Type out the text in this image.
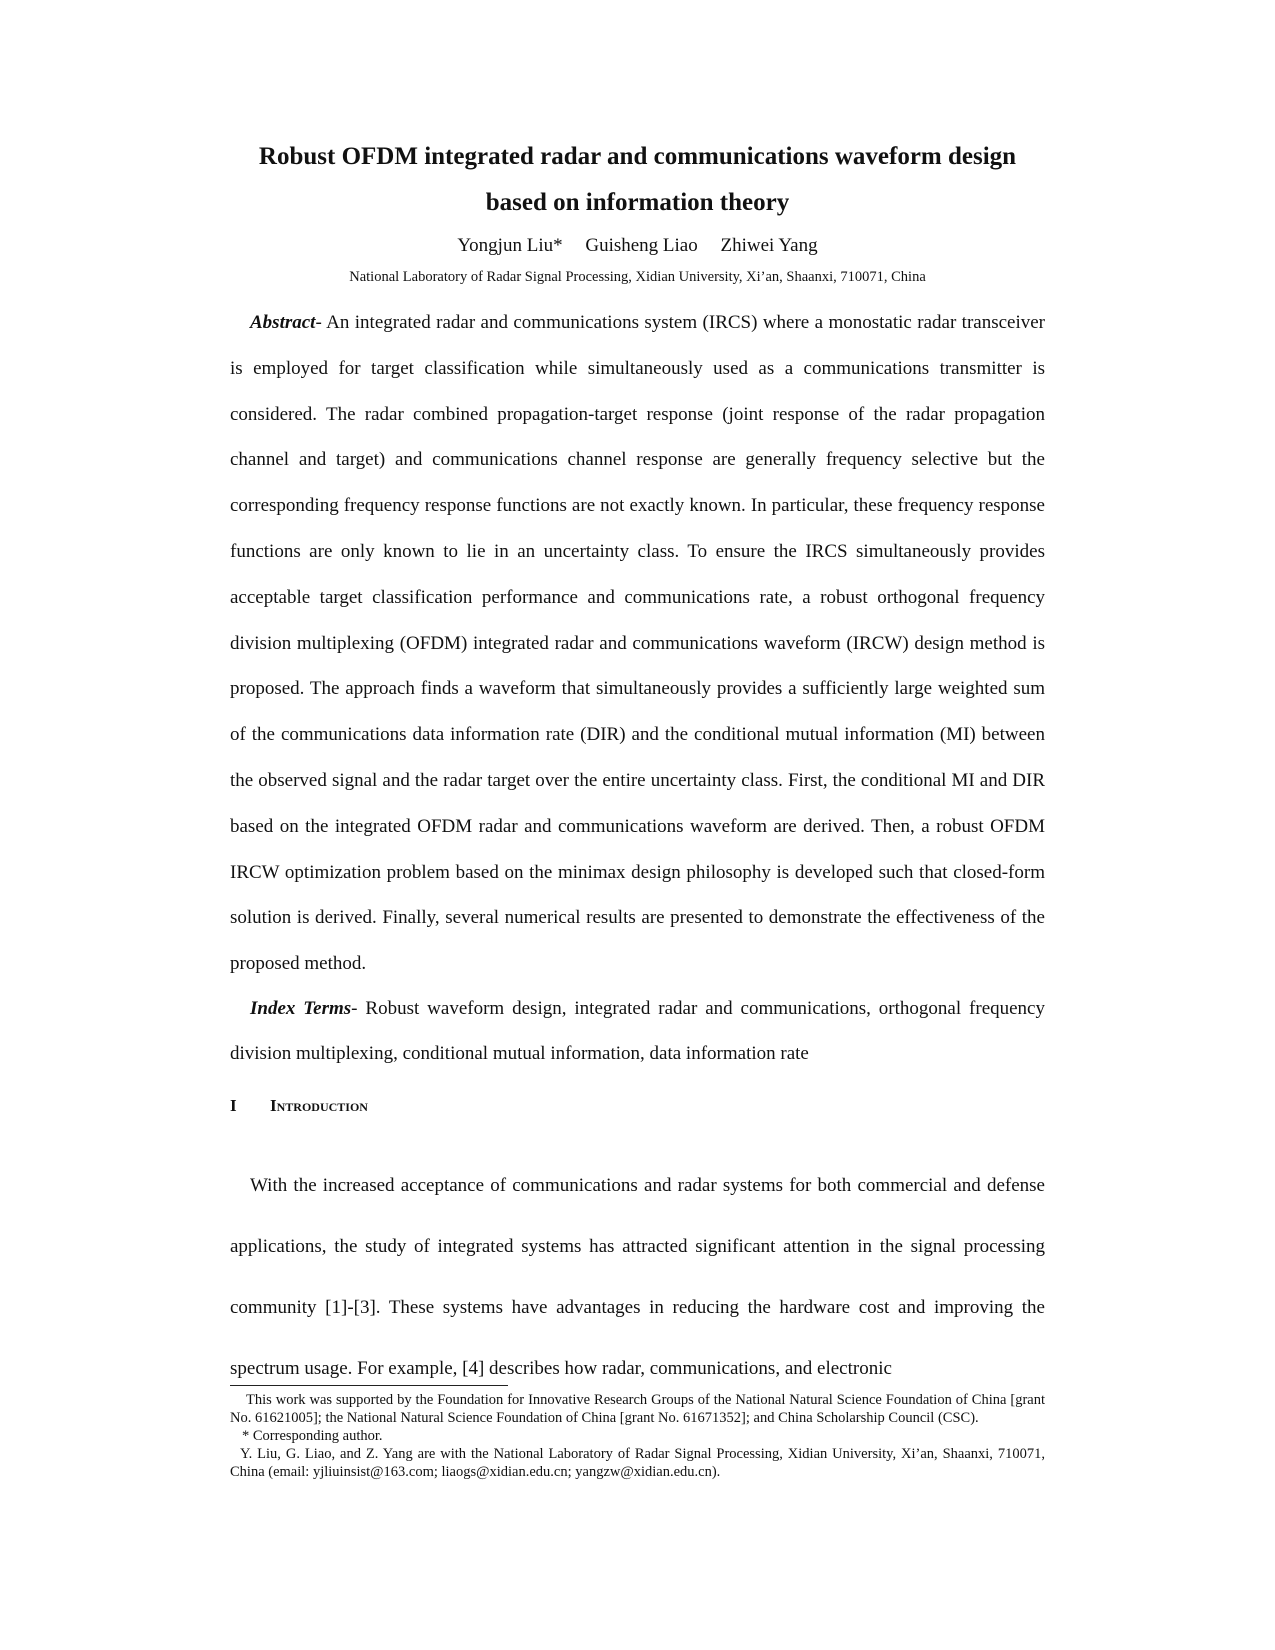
Robust OFDM integrated radar and communications waveform design
based on information theory
Yongjun Liu* Guisheng Liao Zhiwei Yang
National Laboratory of Radar Signal Processing, Xidian University, Xi’an, Shaanxi, 710071, China

Abstract- An integrated radar and communications system (IRCS) where a monostatic radar transceiver is employed for target classification while simultaneously used as a communications transmitter is considered. The radar combined propagation-target response (joint response of the radar propagation channel and target) and communications channel response are generally frequency selective but the corresponding frequency response functions are not exactly known. In particular, these frequency response functions are only known to lie in an uncertainty class. To ensure the IRCS simultaneously provides acceptable target classification performance and communications rate, a robust orthogonal frequency division multiplexing (OFDM) integrated radar and communications waveform (IRCW) design method is proposed. The approach finds a waveform that simultaneously provides a sufficiently large weighted sum of the communications data information rate (DIR) and the conditional mutual information (MI) between the observed signal and the radar target over the entire uncertainty class. First, the conditional MI and DIR based on the integrated OFDM radar and communications waveform are derived. Then, a robust OFDM IRCW optimization problem based on the minimax design philosophy is developed such that closed-form solution is derived. Finally, several numerical results are presented to demonstrate the effectiveness of the proposed method.

Index Terms- Robust waveform design, integrated radar and communications, orthogonal frequency division multiplexing, conditional mutual information, data information rate

I Introduction

With the increased acceptance of communications and radar systems for both commercial and defense applications, the study of integrated systems has attracted significant attention in the signal processing community [1]-[3]. These systems have advantages in reducing the hardware cost and improving the spectrum usage. For example, [4] describes how radar, communications, and electronic

This work was supported by the Foundation for Innovative Research Groups of the National Natural Science Foundation of China [grant No. 61621005]; the National Natural Science Foundation of China [grant No. 61671352]; and China Scholarship Council (CSC).

* Corresponding author.

Y. Liu, G. Liao, and Z. Yang are with the National Laboratory of Radar Signal Processing, Xidian University, Xi’an, Shaanxi, 710071, China (email: yjliuinsist@163.com; liaogs@xidian.edu.cn; yangzw@xidian.edu.cn).
